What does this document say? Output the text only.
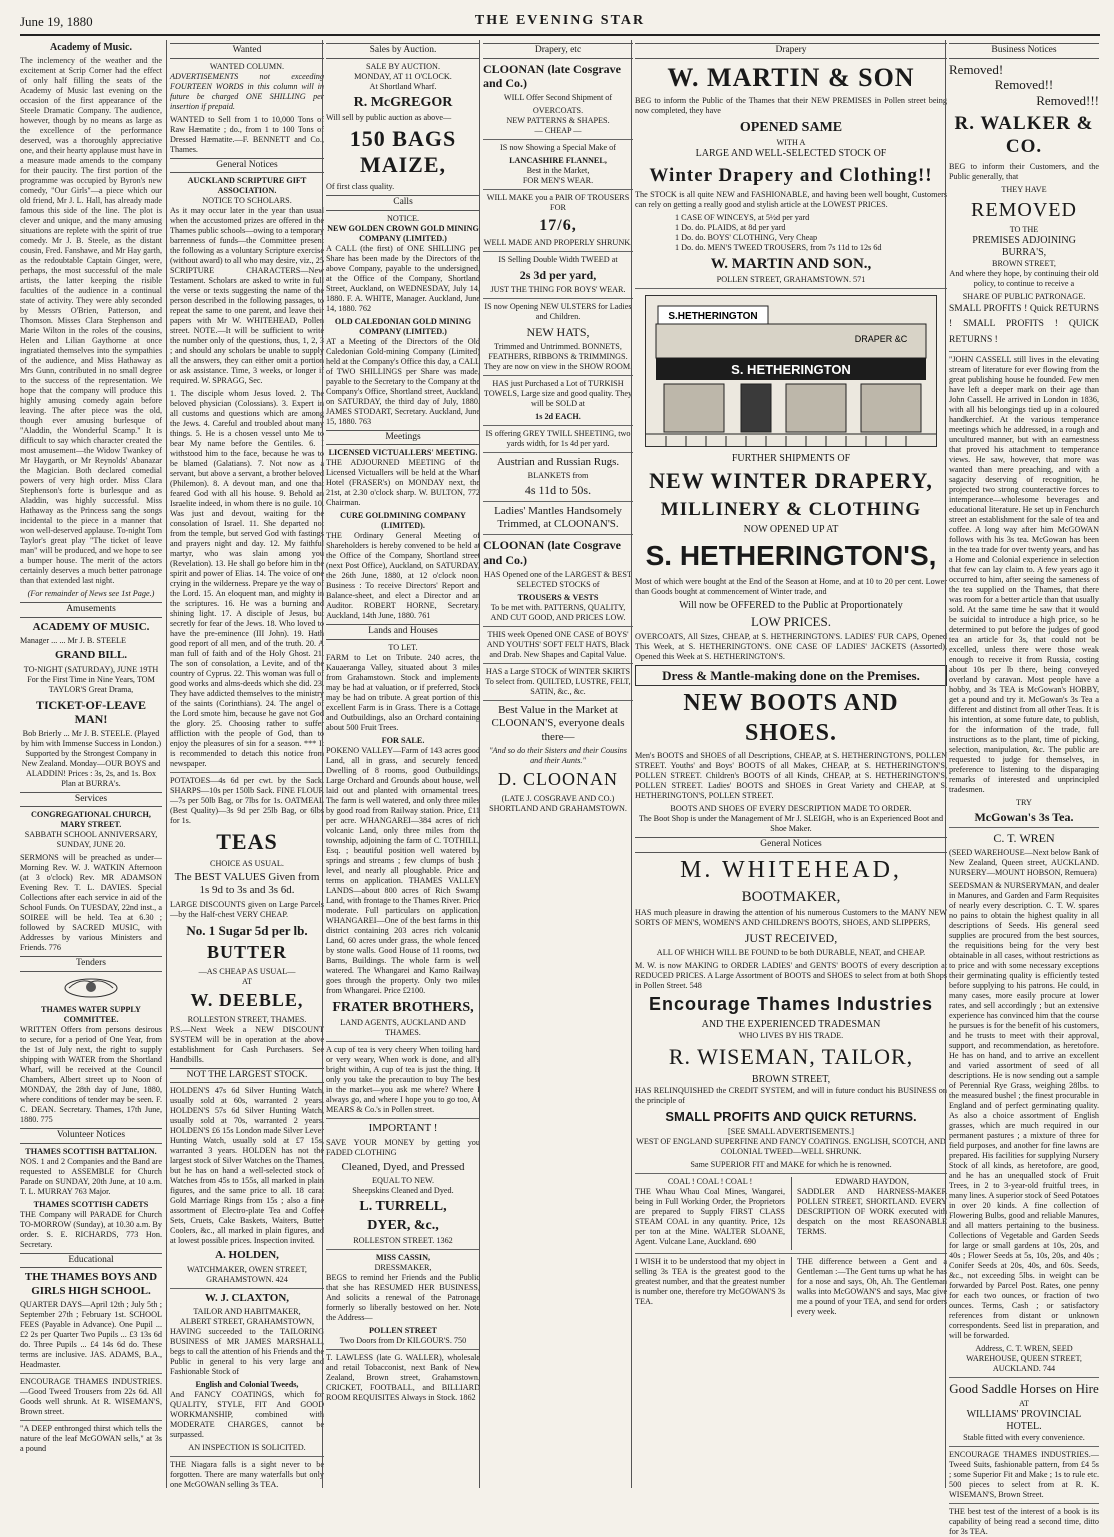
June 19, 1880	THE EVENING STAR
Academy of Music.

The inclemency of the weather and the excitement at Scrip Corner had the effect of only half filling the seats of the Academy of Music last evening on the occasion of the first appearance of the Steele Dramatic Company. The audience, however, though by no means as large as the excellence of the performance deserved, was a thoroughly appreciative one, and their hearty applause must have in a measure made amends to the company for their paucity. The first portion of the programme was occupied by Byron's new comedy, "Our Girls"—a piece which our old friend, Mr J. L. Hall, has already made famous this side of the line. The plot is clever and unique, and the many amusing situations are replete with the spirit of true comedy. Mr J. B. Steele, as the distant cousin, Fred. Fanshawe, and Mr Hay garth, as the redoubtable Captain Ginger, were, perhaps, the most successful of the male artists, the latter keeping the risible faculties of the audience in a continual state of activity. They were ably seconded by Messrs O'Brien, Patterson, and Thomson. Misses Clara Stephenson and Marie Wilton in the roles of the cousins, Helen and Lilian Gaythorne at once ingratiated themselves into the sympathies of the audience, and Miss Hathaway as Mrs Gunn, contributed in no small degree to the success of the representation. We hope that the company will produce this highly amusing comedy again before leaving. The after piece was the old, though ever amusing burlesque of "Aladdin, the Wonderful Scamp." It is difficult to say which character created the most amusement—the Widow Twankey of Mr Haygarth, or Mr Reynolds' Abanazar the Magician. Both declared comedial powers of very high order. Miss Clara Stephenson's forte is burlesque and as Aladdin, was highly successful. Miss Hathaway as the Princess sang the songs incidental to the piece in a manner that won well-deserved applause. To-night Tom Taylor's great play "The ticket of leave man" will be produced, and we hope to see a bumper house. The merit of the actors certainly deserves a much better patronage than that extended last night.

(For remainder of News see 1st Page.)

Amusements
ACADEMY OF MUSIC.

Manager ... ... Mr J. B. STEELE

GRAND BILL.

TO-NIGHT (SATURDAY), JUNE 19TH For the First Time in Nine Years, TOM TAYLOR'S Great Drama,

TICKET-OF-LEAVE MAN!

Bob Brierly ... Mr J. B. STEELE. (Played by him with Immense Success in London.) Supported by the Strongest Company in New Zealand. Monday—OUR BOYS and ALADDIN! Prices : 3s, 2s, and 1s. Box Plan at BURRA's.

Services
CONGREGATIONAL CHURCH, MARY STREET.

SABBATH SCHOOL ANNIVERSARY, SUNDAY, JUNE 20.

SERMONS will be preached as under— Morning Rev. W. J. WATKIN Afternoon (at 3 o'clock) Rev. MR ADAMSON Evening Rev. T. L. DAVIES. Special Collections after each service in aid of the School Funds. On TUESDAY, 22nd inst., a SOIREE will be held. Tea at 6.30 ; followed by SACRED MUSIC, with Addresses by various Ministers and Friends. 776

Tenders
THAMES WATER SUPPLY COMMITTEE.

WRITTEN Offers from persons desirous to secure, for a period of One Year, from the 1st of July next, the right to supply shipping with WATER from the Shortland Wharf, will be received at the Council Chambers, Albert street up to Noon of MONDAY, the 28th day of June, 1880, where conditions of tender may be seen. F. C. DEAN. Secretary. Thames, 17th June, 1880. 775

Volunteer Notices
THAMES SCOTTISH BATTALION.

NOS. 1 and 2 Companies and the Band are requested to ASSEMBLE for Church Parade on SUNDAY, 20th June, at 10 a.m. T. L. MURRAY 763 Major.

THAMES SCOTTISH CADETS

THE Company will PARADE for Church TO-MORROW (Sunday), at 10.30 a.m. By order. S. E. RICHARDS, 773 Hon. Secretary.

Educational
THE THAMES BOYS AND GIRLS HIGH SCHOOL.

QUARTER DAYS—April 12th ; July 5th ; September 27th ; February 1st. SCHOOL FEES (Payable in Advance). One Pupil ... £2 2s per Quarter Two Pupils ... £3 13s 6d do. Three Pupils ... £4 14s 6d do. These terms are inclusive. JAS. ADAMS, B.A., Headmaster.

ENCOURAGE THAMES INDUSTRIES.—Good Tweed Trousers from 22s 6d. All Goods well shrunk. At R. WISEMAN'S, Brown street.

"A DEEP enthronged thirst which tells the nature of the leaf McGOWAN sells," at 3s a pound

Wanted
WANTED COLUMN.

ADVERTISEMENTS not exceeding FOURTEEN WORDS in this column will in future be charged ONE SHILLING per insertion if prepaid.

WANTED to Sell from 1 to 10,000 Tons of Raw Hæmatite ; do., from 1 to 100 Tons of Dressed Hæmatite.—F. BENNETT and Co., Thames.

General Notices
AUCKLAND SCRIPTURE GIFT ASSOCIATION.
NOTICE TO SCHOLARS.

As it may occur later in the year than usual when the accustomed prizes are offered in the Thames public schools—owing to a temporary barrenness of funds—the Committee present the following as a voluntary Scripture exercise (without award) to all who may desire, viz., 25 SCRIPTURE CHARACTERS—New Testament. Scholars are asked to write in full the verse or texts suggesting the name of the person described in the following passages, to repeat the same to one parent, and leave their papers with Mr W. WHITEHEAD, Pollen street. NOTE.—It will be sufficient to write the number only of the questions, thus, 1, 2, 3 ; and should any scholars be unable to supply all the answers, they can either omit a portion or ask assistance. Time, 3 weeks, or longer if required. W. SPRAGG, Sec.

1. The disciple whom Jesus loved. 2. The beloved physician (Colossians). 3. Expert in all customs and questions which are among the Jews. 4. Careful and troubled about many things. 5. He is a chosen vessel unto Me to bear My name before the Gentiles. 6. I withstood him to the face, because he was to be blamed (Galatians). 7. Not now as a servant, but above a servant, a brother beloved (Philemon). 8. A devout man, and one that feared God with all his house. 9. Behold an Israelite indeed, in whom there is no guile. 10. Was just and devout, waiting for the consolation of Israel. 11. She departed not from the temple, but served God with fastings and prayers night and day. 12. My faithful martyr, who was slain among you (Revelation). 13. He shall go before him in the spirit and power of Elias. 14. The voice of one crying in the wilderness. Prepare ye the way of the Lord. 15. An eloquent man, and mighty in the scriptures. 16. He was a burning and shining light. 17. A disciple of Jesus, but secretly for fear of the Jews. 18. Who loved to have the pre-eminence (III John). 19. Hath good report of all men, and of the truth. 20. A man full of faith and of the Holy Ghost. 21. The son of consolation, a Levite, and of the country of Cyprus. 22. This woman was full of good works and alms-deeds which she did. 23. They have addicted themselves to the ministry of the saints (Corinthians). 24. The angel of the Lord smote him, because he gave not God the glory. 25. Choosing rather to suffer affliction with the people of God, than to enjoy the pleasures of sin for a season. *** It is recommended to detach this notice from newspaper.

POTATOES—4s 6d per cwt. by the Sack. SHARPS—10s per 150lb Sack. FINE FLOUR—7s per 50lb Bag, or 7lbs for 1s. OATMEAL (Best Quality)—3s 9d per 25lb Bag, or 6lbs for 1s.

TEAS
CHOICE AS USUAL.
The BEST VALUES Given from 1s 9d to 3s and 3s 6d.

LARGE DISCOUNTS given on Large Parcels—by the Half-chest VERY CHEAP.

No. 1 Sugar 5d per lb.
BUTTER
—AS CHEAP AS USUAL—
AT
W. DEEBLE,
ROLLESTON STREET, THAMES.

P.S.—Next Week a NEW DISCOUNT SYSTEM will be in operation at the above establishment for Cash Purchasers. See Handbills.

NOT THE LARGEST STOCK.

HOLDEN'S 47s 6d Silver Hunting Watch, usually sold at 60s, warranted 2 years. HOLDEN'S 57s 6d Silver Hunting Watch, usually sold at 70s, warranted 2 years. HOLDEN'S £6 15s London made Silver Lever Hunting Watch, usually sold at £7 15s, warranted 3 years. HOLDEN has not the largest stock of Silver Watches on the Thames, but he has on hand a well-selected stock of Watches from 45s to 155s, all marked in plain figures, and the same price to all. 18 carat Gold Marriage Rings from 15s ; also a fine assortment of Electro-plate Tea and Coffee Sets, Cruets, Cake Baskets, Waiters, Butter Coolers, &c., all marked in plain figures, and at lowest possible prices. Inspection invited.

A. HOLDEN,
WATCHMAKER, OWEN STREET, GRAHAMSTOWN. 424
W. J. CLAXTON,
TAILOR AND HABITMAKER,
ALBERT STREET, GRAHAMSTOWN,

HAVING succeeded to the TAILORING BUSINESS of MR JAMES MARSHALL, begs to call the attention of his Friends and the Public in general to his very large and Fashionable Stock of

English and Colonial Tweeds,

And FANCY COATINGS, which for QUALITY, STYLE, FIT And GOOD WORKMANSHIP, combined with MODERATE CHARGES, cannot be surpassed.

AN INSPECTION IS SOLICITED.

THE Niagara falls is a sight never to be forgotten. There are many waterfalls but only one McGOWAN selling 3s TEA.

Sales by Auction.
SALE BY AUCTION.
MONDAY, AT 11 O'CLOCK.
At Shortland Wharf.
R. McGREGOR

Will sell by public auction as above—

150 BAGS MAIZE,

Of first class quality.

Calls
NOTICE.
NEW GOLDEN CROWN GOLD MINING COMPANY (LIMITED.)

A CALL (the first) of ONE SHILLING per Share has been made by the Directors of the above Company, payable to the undersigned, at the Office of the Company, Shortland Street, Auckland, on WEDNESDAY, July 14, 1880. F. A. WHITE, Manager. Auckland, June 14, 1880. 762

OLD CALEDONIAN GOLD MINING COMPANY (LIMITED.)

AT a Meeting of the Directors of the Old Caledonian Gold-mining Company (Limited) held at the Company's Office this day, a CALL of TWO SHILLINGS per Share was made, payable to the Secretary to the Company at the Company's Office, Shortland street, Auckland, on SATURDAY, the third day of July, 1880. JAMES STODART, Secretary. Auckland, June 15, 1880. 763

Meetings
LICENSED VICTUALLERS' MEETING.

THE ADJOURNED MEETING of the Licensed Victuallers will be held at the Wharf Hotel (FRASER's) on MONDAY next, the 21st, at 2.30 o'clock sharp. W. BULTON, 772 Chairman.

CURE GOLDMINING COMPANY (LIMITED).

THE Ordinary General Meeting of Shareholders is hereby convened to be held at the Office of the Company, Shortland street (next Post Office), Auckland, on SATURDAY, the 26th June, 1880, at 12 o'clock noon. Business : To receive Directors' Report and Balance-sheet, and elect a Director and an Auditor. ROBERT HORNE, Secretary. Auckland, 14th June, 1880. 761

Lands and Houses
TO LET.

FARM to Let on Tribute. 240 acres, the Kauaeranga Valley, situated about 3 miles from Grahamstown. Stock and implements may be had at valuation, or if preferred, Stock may be had on tribute. A great portion of this excellent Farm is in Grass. There is a Cottage and Outbuildings, also an Orchard containing about 500 Fruit Trees.

FOR SALE.

POKENO VALLEY—Farm of 143 acres good Land, all in grass, and securely fenced. Dwelling of 8 rooms, good Outbuildings, Large Orchard and Grounds about house, well laid out and planted with ornamental trees. The farm is well watered, and only three miles by good road from Railway station. Price, £11 per acre. WHANGAREI—384 acres of rich volcanic Land, only three miles from the township, adjoining the farm of C. TOTHILL, Esq. ; beautiful position well watered by springs and streams ; few clumps of bush ; level, and nearly all ploughable. Price and terms on application. THAMES VALLEY LANDS—about 800 acres of Rich Swamp Land, with frontage to the Thames River. Price moderate. Full particulars on application. WHANGAREI—One of the best farms in this district containing 203 acres rich volcanic Land, 60 acres under grass, the whole fenced by stone walls. Good House of 11 rooms, two Barns, Buildings. The whole farm is well watered. The Whangarei and Kamo Railway goes through the property. Only two miles from Whangarei. Price £2100.

FRATER BROTHERS,
LAND AGENTS, AUCKLAND AND THAMES.

A cup of tea is very cheery When toiling hard or very weary, When work is done, and all's bright within, A cup of tea is just the thing. If only you take the precaution to buy The best in the market—you ask me where? Where I always go, and where I hope you to go too, At MEARS & Co.'s in Pollen street.

IMPORTANT !

SAVE YOUR MONEY by getting you FADED CLOTHING

Cleaned, Dyed, and Pressed
EQUAL TO NEW.
Sheepskins Cleaned and Dyed.
L. TURRELL,
DYER, &c.,
ROLLESTON STREET. 1362
MISS CASSIN,
DRESSMAKER,

BEGS to remind her Friends and the Public that she has RESUMED HER BUSINESS, And solicits a renewal of the Patronage formerly so liberally bestowed on her. Note the Address—

POLLEN STREET
Two Doors from Dr KILGOUR'S. 750

T. LAWLESS (late G. WALLER), wholesale and retail Tobacconist, next Bank of New Zealand, Brown street, Grahamstown. CRICKET, FOOTBALL, and BILLIARD ROOM REQUISITES Always in Stock. 1862

Drapery, etc
CLOONAN (late Cosgrave and Co.)

WILL Offer Second Shipment of

OVERCOATS.
NEW PATTERNS & SHAPES.
— CHEAP —

IS now Showing a Special Make of

LANCASHIRE FLANNEL,
Best in the Market,
FOR MEN'S WEAR.

WILL MAKE you a PAIR OF TROUSERS FOR

17/6,
WELL MADE AND PROPERLY SHRUNK.

IS Selling Double Width TWEED at

2s 3d per yard,
JUST THE THING FOR BOYS' WEAR.

IS now Opening NEW ULSTERS for Ladies and Children.

NEW HATS,

Trimmed and Untrimmed. BONNETS, FEATHERS, RIBBONS & TRIMMINGS. They are now on view in the SHOW ROOM.

HAS just Purchased a Lot of TURKISH TOWELS, Large size and good quality. They will be SOLD at

1s 2d EACH.

IS offering GREY TWILL SHEETING, two yards width, for 1s 4d per yard.

Austrian and Russian Rugs.
BLANKETS from
4s 11d to 50s.
Ladies' Mantles Handsomely Trimmed, at CLOONAN'S.
CLOONAN (late Cosgrave and Co.)

HAS Opened one of the LARGEST & BEST SELECTED STOCKS of

TROUSERS & VESTS

To be met with. PATTERNS, QUALITY, AND CUT GOOD, AND PRICES LOW.

THIS week Opened ONE CASE of BOYS' AND YOUTHS' SOFT FELT HATS, Black and Drab. New Shapes and Capital Value.

HAS a Large STOCK of WINTER SKIRTS To select from. QUILTED, LUSTRE, FELT, SATIN, &c., &c.

Best Value in the Market at CLOONAN'S, everyone deals there—

"And so do their Sisters and their Cousins and their Aunts."

D. CLOONAN
(LATE J. COSGRAVE AND CO.)
SHORTLAND AND GRAHAMSTOWN.
Drapery
W. MARTIN & SON

BEG to inform the Public of the Thames that their NEW PREMISES in Pollen street being now completed, they have

OPENED SAME
WITH A
LARGE AND WELL-SELECTED STOCK OF
Winter Drapery and Clothing!!

The STOCK is all quite NEW and FASHIONABLE, and having been well bought, Customers can rely on getting a really good and stylish article at the LOWEST PRICES.

1 CASE OF WINCEYS, at 5½d per yard
1 Do. do. PLAIDS, at 8d per yard
1 Do. do. BOYS' CLOTHING, Very Cheap
1 Do. do. MEN'S TWEED TROUSERS, from 7s 11d to 12s 6d
W. MARTIN AND SON.,
POLLEN STREET, GRAHAMSTOWN. 571
S.HETHERINGTON
DRAPER &C
S. HETHERINGTON
FURTHER SHIPMENTS OF
NEW WINTER DRAPERY,
MILLINERY & CLOTHING
NOW OPENED UP AT
S. HETHERINGTON'S,

Most of which were bought at the End of the Season at Home, and at 10 to 20 per cent. Lower than Goods bought at commencement of Winter trade, and

Will now be OFFERED to the Public at Proportionately
LOW PRICES.

OVERCOATS, All Sizes, CHEAP, at S. HETHERINGTON'S. LADIES' FUR CAPS, Opened This Week, at S. HETHERINGTON'S. ONE CASE OF LADIES' JACKETS (Assorted), Opened this Week at S. HETHERINGTON'S.

Dress & Mantle-making done on the Premises.
NEW BOOTS AND SHOES.

Men's BOOTS and SHOES of all Descriptions, CHEAP, at S. HETHERINGTON'S, POLLEN STREET. Youths' and Boys' BOOTS of all Makes, CHEAP, at S. HETHERINGTON'S, POLLEN STREET. Children's BOOTS of all Kinds, CHEAP, at S. HETHERINGTON'S, POLLEN STREET. Ladies' BOOTS and SHOES in Great Variety and CHEAP, at S. HETHERINGTON'S, POLLEN STREET.

BOOTS AND SHOES OF EVERY DESCRIPTION MADE TO ORDER.

The Boot Shop is under the Management of Mr J. SLEIGH, who is an Experienced Boot and Shoe Maker.

General Notices
M. WHITEHEAD,
BOOTMAKER,

HAS much pleasure in drawing the attention of his numerous Customers to the MANY NEW SORTS OF MEN'S, WOMEN'S AND CHILDREN'S BOOTS, SHOES, AND SLIPPERS,

JUST RECEIVED,

ALL OF WHICH WILL BE FOUND to be both DURABLE, NEAT, and CHEAP.

M. W. is now MAKING to ORDER LADIES' and GENTS' BOOTS of every description at REDUCED PRICES. A Large Assortment of BOOTS and SHOES to select from at both Shops in Pollen Street. 548

Encourage Thames Industries
AND THE EXPERIENCED TRADESMAN
WHO LIVES BY HIS TRADE.
R. WISEMAN, TAILOR,
BROWN STREET,

HAS RELINQUISHED the CREDIT SYSTEM, and will in future conduct his BUSINESS on the principle of

SMALL PROFITS AND QUICK RETURNS.
[SEE SMALL ADVERTISEMENTS.]

WEST OF ENGLAND SUPERFINE AND FANCY COATINGS. ENGLISH, SCOTCH, AND COLONIAL TWEED—WELL SHRUNK.

Same SUPERIOR FIT and MAKE for which he is renowned.
COAL ! COAL ! COAL !

THE Whau Whau Coal Mines, Wangarei, being in Full Working Order, the Proprietors are prepared to Supply FIRST CLASS STEAM COAL in any quantity. Price, 12s per ton at the Mine. WALTER SLOANE, Agent. Vulcane Lane, Auckland. 690

EDWARD HAYDON,

SADDLER AND HARNESS-MAKER POLLEN STREET, SHORTLAND. EVERY DESCRIPTION OF WORK executed with despatch on the most REASONABLE TERMS.

I WISH it to be understood that my object in selling 3s TEA is the greatest good to the greatest number, and that the greatest number is number one, therefore try McGOWAN'S 3s TEA.

THE difference between a Gent and a Gentleman :—The Gent turns up what he has for a nose and says, Oh, Ah. The Gentleman walks into McGOWAN'S and says, Mac give me a pound of your TEA, and send for orders every week.

Business Notices
Removed!
Removed!!
Removed!!!
R. WALKER & CO.

BEG to inform their Customers, and the Public generally, that

THEY HAVE
REMOVED
TO THE
PREMISES ADJOINING
BURRA'S,
BROWN STREET,

And where they hope, by continuing their old policy, to continue to receive a

SHARE OF PUBLIC PATRONAGE.

SMALL PROFITS ! Quick RETURNS ! SMALL PROFITS ! QUICK RETURNS !

"JOHN CASSELL still lives in the elevating stream of literature for ever flowing from the great publishing house he founded. Few men have left a deeper mark on their age than John Cassell. He arrived in London in 1836, with all his belongings tied up in a coloured handkerchief. At the various temperance meetings which he addressed, in a rough and uncultured manner, but with an earnestness that proved his attachment to temperance views. He saw, however, that more was wanted than mere preaching, and with a sagacity deserving of recognition, he projected two strong counteractive forces to intemperance—wholesome beverages and educational literature. He set up in Fenchurch street an establishment for the sale of tea and coffee. A long way after him McGOWAN follows with his 3s tea. McGowan has been in the tea trade for over twenty years, and has a Home and Colonial experience in selection that few can lay claim to. A few years ago it occurred to him, after seeing the sameness of the tea supplied on the Thames, that there was room for a better article than that usually sold. At the same time he saw that it would be suicidal to introduce a high price, so he determined to put before the judges of good tea an article for 3s, that could not be excelled, unless there were those weak enough to receive it from Russia, costing about 10s per lb there, being conveyed overland by caravan. Most people have a hobby, and 3s TEA is McGowan's HOBBY, get a pound and try it. McGowan's 3s Tea a different and distinct from all other Teas. It is his intention, at some future date, to publish, for the information of the trade, full instructions as to the plant, time of picking, selection, manipulation, &c. The public are requested to judge for themselves, in preference to listening to the disparaging remarks of interested and unprincipled tradesmen.

TRY
McGowan's 3s Tea.
C. T. WREN

(SEED WAREHOUSE—Next below Bank of New Zealand, Queen street, AUCKLAND. NURSERY—MOUNT HOBSON, Remuera)

SEEDSMAN & NURSERYMAN, and dealer in Manures, and Garden and Farm Requisites of nearly every description. C. T. W. spares no pains to obtain the highest quality in all descriptions of Seeds. His general seed supplies are procured from the best sources, the requisitions being for the very best obtainable in all cases, without restrictions as to price and with some necessary exceptions their germinating quality is efficiently tested before supplying to his patrons. He could, in many cases, more easily procure at lower rates, and sell accordingly ; but an extensive experience has convinced him that the course he pursues is for the benefit of his customers, and he trusts to meet with their approval, support, and recommendation, as heretofore. He has on hand, and to arrive an excellent and varied assortment of seed of all descriptions. He is now sending out a sample of Perennial Rye Grass, weighing 28lbs. to the measured bushel ; the finest procurable in England and of perfect germinating quality. As also a choice assortment of English grasses, which are much required in our permanent pastures ; a mixture of three for field purposes, and another for fine lawns are prepared. His facilities for supplying Nursery Stock of all kinds, as heretofore, are good, and he has an unequalled stock of Fruit Trees, in 2 to 3-year-old fruitful trees, in many lines. A superior stock of Seed Potatoes in over 20 kinds. A fine collection of Flowering Bulbs, good and reliable Manures, and all matters pertaining to the business. Collections of Vegetable and Garden Seeds for large or small gardens at 10s, 20s, and 40s ; Flower Seeds at 5s, 10s, 20s, and 40s ; Conifer Seeds at 20s, 40s, and 60s. Seeds, &c., not exceeding 5lbs. in weight can be forwarded by Parcel Post. Rates, one penny for each two ounces, or fraction of two ounces. Terms, Cash ; or satisfactory references from distant or unknown correspondents. Seed list in preparation, and will be forwarded.

Address, C. T. WREN, SEED WAREHOUSE, QUEEN STREET, AUCKLAND. 744

Good Saddle Horses on Hire
AT
WILLIAMS' PROVINCIAL HOTEL.
Stable fitted with every convenience.

ENCOURAGE THAMES INDUSTRIES.—Tweed Suits, fashionable pattern, from £4 5s ; some Superior Fit and Make ; 1s to rule etc. 500 pieces to select from at R. K. WISEMAN'S, Brown Street.

THE best test of the interest of a book is its capability of being read a second time, ditto for 3s TEA.
